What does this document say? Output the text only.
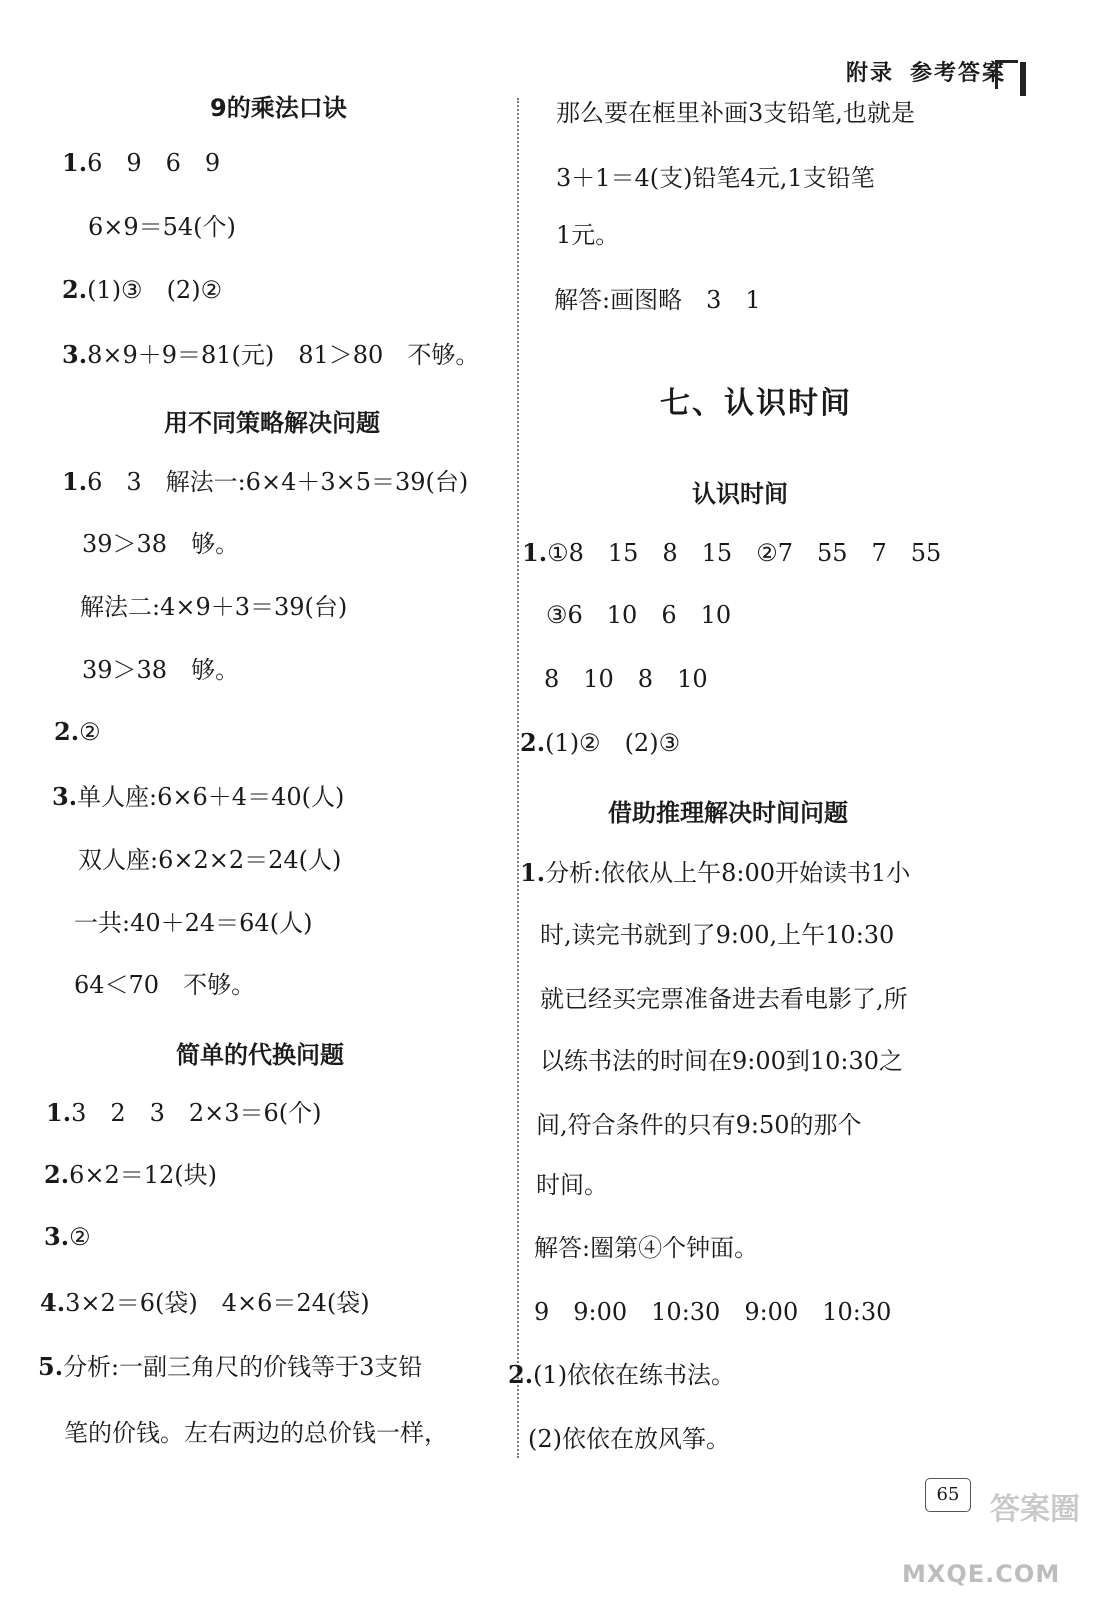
附录 参考答案
9的乘法口诀
1.6　9　6　9
6×9＝54(个)
2.(1)③　(2)②
3.8×9＋9＝81(元)　81＞80　不够。
用不同策略解决问题
1.6　3　解法一:6×4＋3×5＝39(台)
39＞38　够。
解法二:4×9＋3＝39(台)
39＞38　够。
2.②
3.单人座:6×6＋4＝40(人)
双人座:6×2×2＝24(人)
一共:40＋24＝64(人)
64＜70　不够。
简单的代换问题
1.3　2　3　2×3＝6(个)
2.6×2＝12(块)
3.②
4.3×2＝6(袋)　4×6＝24(袋)
5.分析:一副三角尺的价钱等于3支铅
笔的价钱。左右两边的总价钱一样，
那么要在框里补画3支铅笔,也就是
3＋1＝4(支)铅笔4元,1支铅笔
1元。
解答:画图略　3　1
七、认识时间
认识时间
1.①8　15　8　15　②7　55　7　55
③6　10　6　10
8　10　8　10
2.(1)②　(2)③
借助推理解决时间问题
1.分析:依依从上午8:00开始读书1小
时,读完书就到了9:00,上午10:30
就已经买完票准备进去看电影了,所
以练书法的时间在9:00到10:30之
间,符合条件的只有9:50的那个
时间。
解答:圈第④个钟面。
9　9:00　10:30　9:00　10:30
2.(1)依依在练书法。
(2)依依在放风筝。
65	答案圈
MXQE.COM
